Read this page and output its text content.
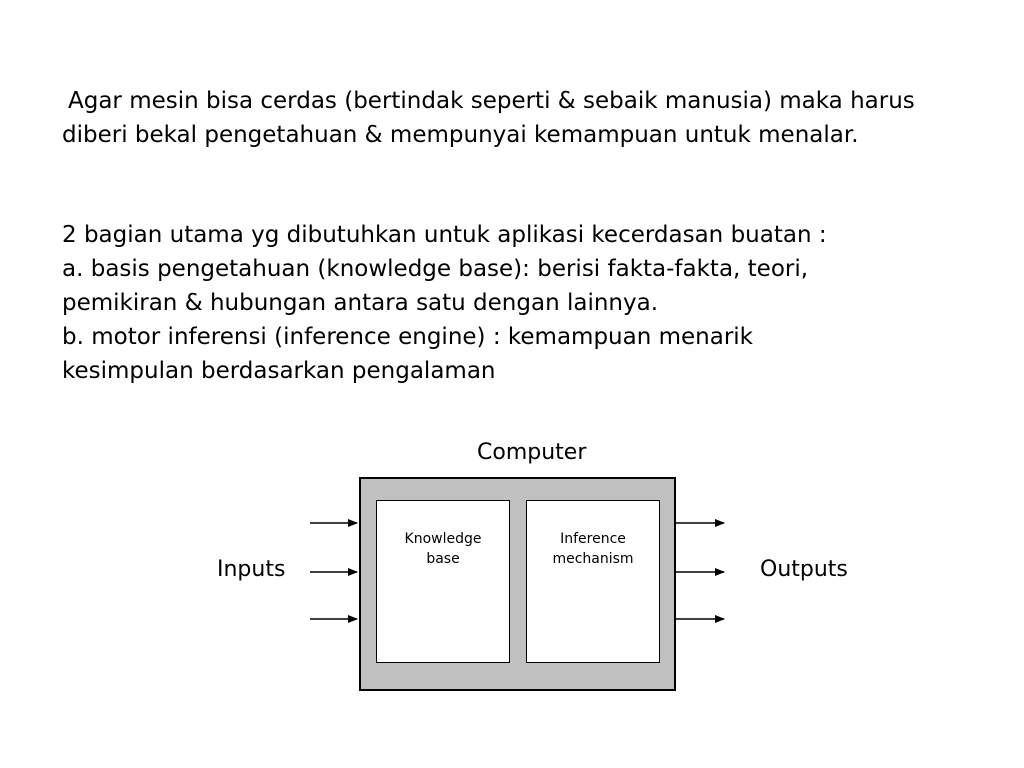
Agar mesin bisa cerdas (bertindak seperti & sebaik manusia) maka harus
diberi bekal pengetahuan & mempunyai kemampuan untuk menalar.
2 bagian utama yg dibutuhkan untuk aplikasi kecerdasan buatan :
a. basis pengetahuan (knowledge base): berisi fakta-fakta, teori,
pemikiran & hubungan antara satu dengan lainnya.
b. motor inferensi (inference engine) : kemampuan menarik
kesimpulan berdasarkan pengalaman
Computer
Inputs	Outputs
Knowledge
base
Inference
mechanism
